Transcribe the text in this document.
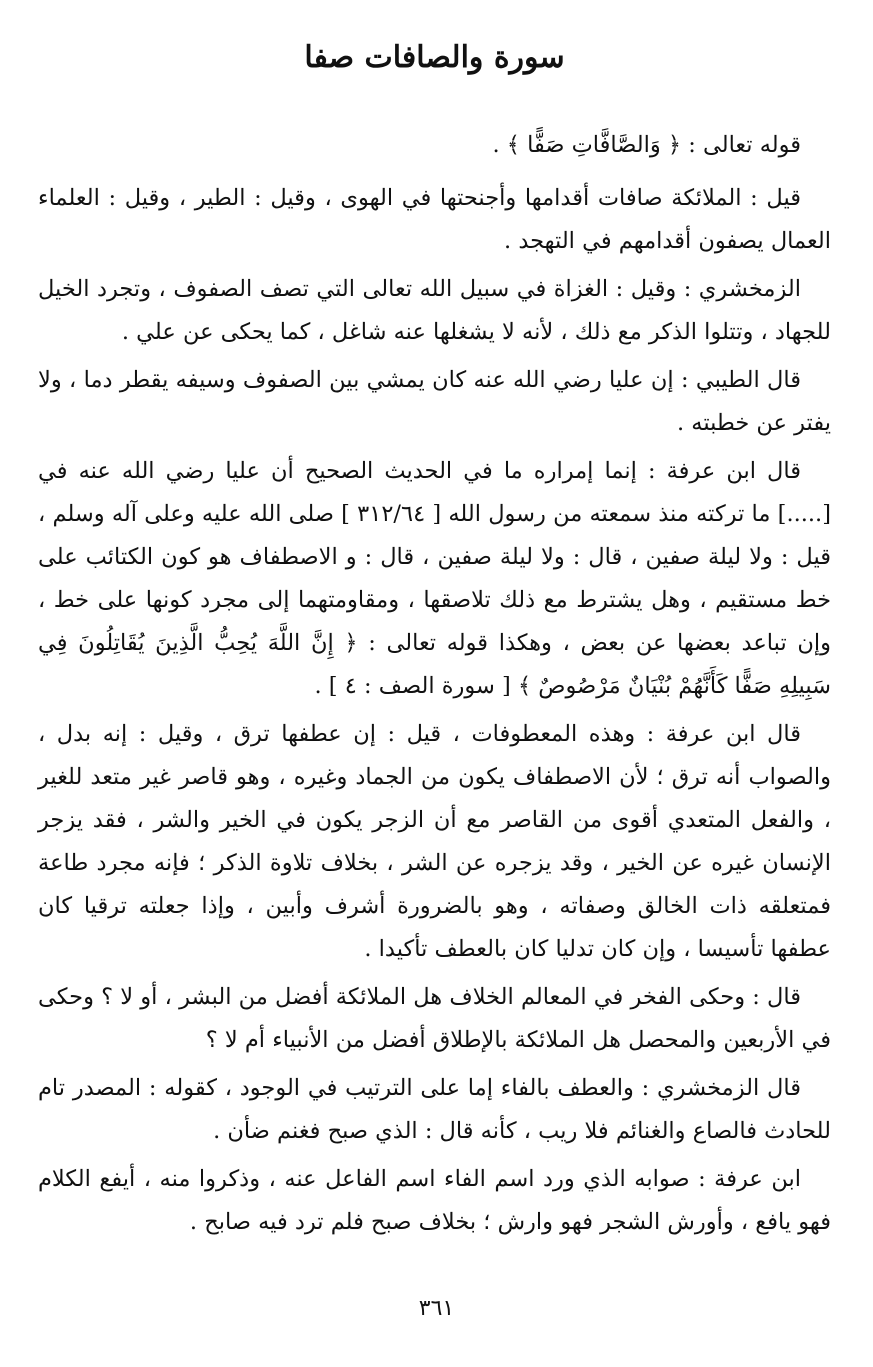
سورة والصافات صفا

قوله تعالى : ﴿ وَالصَّافَّاتِ صَفًّا ﴾ .

قيل : الملائكة صافات أقدامها وأجنحتها في الهوى ، وقيل : الطير ، وقيل : العلماء العمال يصفون أقدامهم في التهجد .

الزمخشري : وقيل : الغزاة في سبيل الله تعالى التي تصف الصفوف ، وتجرد الخيل للجهاد ، وتتلوا الذكر مع ذلك ، لأنه لا يشغلها عنه شاغل ، كما يحكى عن علي .

قال الطيبي : إن عليا رضي الله عنه كان يمشي بين الصفوف وسيفه يقطر دما ، ولا يفتر عن خطبته .

قال ابن عرفة : إنما إمراره ما في الحديث الصحيح أن عليا رضي الله عنه في [.....] ما تركته منذ سمعته من رسول الله [ ٣١٢/٦٤ ] صلى الله عليه وعلى آله وسلم ، قيل : ولا ليلة صفين ، قال : ولا ليلة صفين ، قال : و الاصطفاف هو كون الكتائب على خط مستقيم ، وهل يشترط مع ذلك تلاصقها ، ومقاومتهما إلى مجرد كونها على خط ، وإن تباعد بعضها عن بعض ، وهكذا قوله تعالى : ﴿ إِنَّ اللَّهَ يُحِبُّ الَّذِينَ يُقَاتِلُونَ فِي سَبِيلِهِ صَفًّا كَأَنَّهُمْ بُنْيَانٌ مَرْصُوصٌ ﴾ [ سورة الصف : ٤ ] .

قال ابن عرفة : وهذه المعطوفات ، قيل : إن عطفها ترق ، وقيل : إنه بدل ، والصواب أنه ترق ؛ لأن الاصطفاف يكون من الجماد وغيره ، وهو قاصر غير متعد للغير ، والفعل المتعدي أقوى من القاصر مع أن الزجر يكون في الخير والشر ، فقد يزجر الإنسان غيره عن الخير ، وقد يزجره عن الشر ، بخلاف تلاوة الذكر ؛ فإنه مجرد طاعة فمتعلقه ذات الخالق وصفاته ، وهو بالضرورة أشرف وأبين ، وإذا جعلته ترقيا كان عطفها تأسيسا ، وإن كان تدليا كان بالعطف تأكيدا .

قال : وحكى الفخر في المعالم الخلاف هل الملائكة أفضل من البشر ، أو لا ؟ وحكى في الأربعين والمحصل هل الملائكة بالإطلاق أفضل من الأنبياء أم لا ؟

قال الزمخشري : والعطف بالفاء إما على الترتيب في الوجود ، كقوله : المصدر تام للحادث فالصاع والغنائم فلا ريب ، كأنه قال : الذي صبح فغنم ضأن .

ابن عرفة : صوابه الذي ورد اسم الفاء اسم الفاعل عنه ، وذكروا منه ، أيفع الكلام فهو يافع ، وأورش الشجر فهو وارش ؛ بخلاف صبح فلم ترد فيه صابح .

٣٦١
